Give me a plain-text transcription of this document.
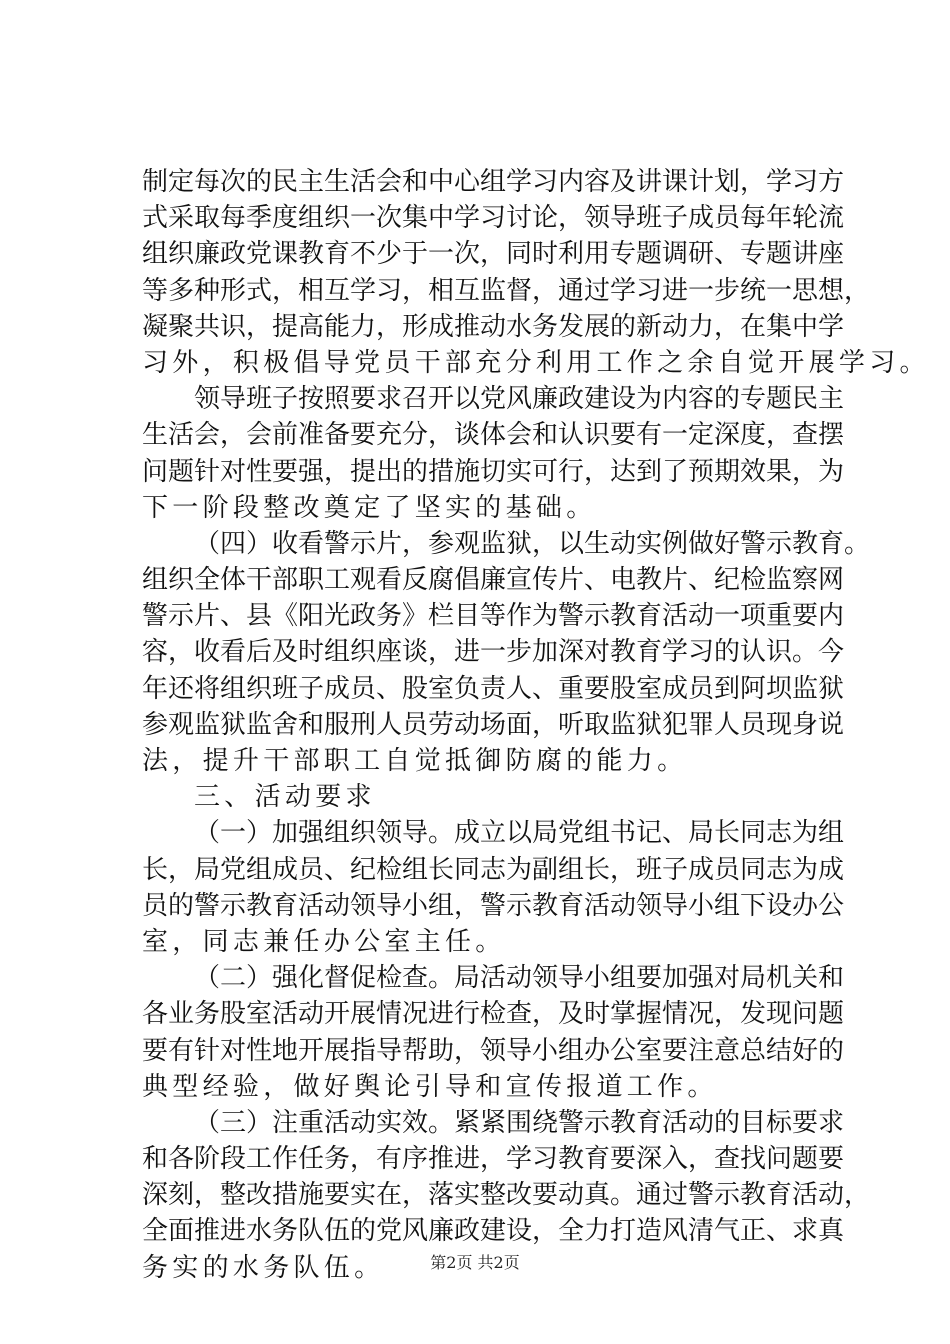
制定每次的民主生活会和中心组学习内容及讲课计划，学习方
式采取每季度组织一次集中学习讨论，领导班子成员每年轮流
组织廉政党课教育不少于一次，同时利用专题调研、专题讲座
等多种形式，相互学习，相互监督，通过学习进一步统一思想，
凝聚共识，提高能力，形成推动水务发展的新动力，在集中学
习外，积极倡导党员干部充分利用工作之余自觉开展学习。
领导班子按照要求召开以党风廉政建设为内容的专题民主
生活会，会前准备要充分，谈体会和认识要有一定深度，查摆
问题针对性要强，提出的措施切实可行，达到了预期效果，为
下一阶段整改奠定了坚实的基础。
（四）收看警示片，参观监狱，以生动实例做好警示教育。
组织全体干部职工观看反腐倡廉宣传片、电教片、纪检监察网
警示片、县《阳光政务》栏目等作为警示教育活动一项重要内
容，收看后及时组织座谈，进一步加深对教育学习的认识。今
年还将组织班子成员、股室负责人、重要股室成员到阿坝监狱
参观监狱监舍和服刑人员劳动场面，听取监狱犯罪人员现身说
法，提升干部职工自觉抵御防腐的能力。
三、活动要求
（一）加强组织领导。成立以局党组书记、局长同志为组
长，局党组成员、纪检组长同志为副组长，班子成员同志为成
员的警示教育活动领导小组，警示教育活动领导小组下设办公
室，同志兼任办公室主任。
（二）强化督促检查。局活动领导小组要加强对局机关和
各业务股室活动开展情况进行检查，及时掌握情况，发现问题
要有针对性地开展指导帮助，领导小组办公室要注意总结好的
典型经验，做好舆论引导和宣传报道工作。
（三）注重活动实效。紧紧围绕警示教育活动的目标要求
和各阶段工作任务，有序推进，学习教育要深入，查找问题要
深刻，整改措施要实在，落实整改要动真。通过警示教育活动，
全面推进水务队伍的党风廉政建设，全力打造风清气正、求真
务实的水务队伍。	第2页 共2页
